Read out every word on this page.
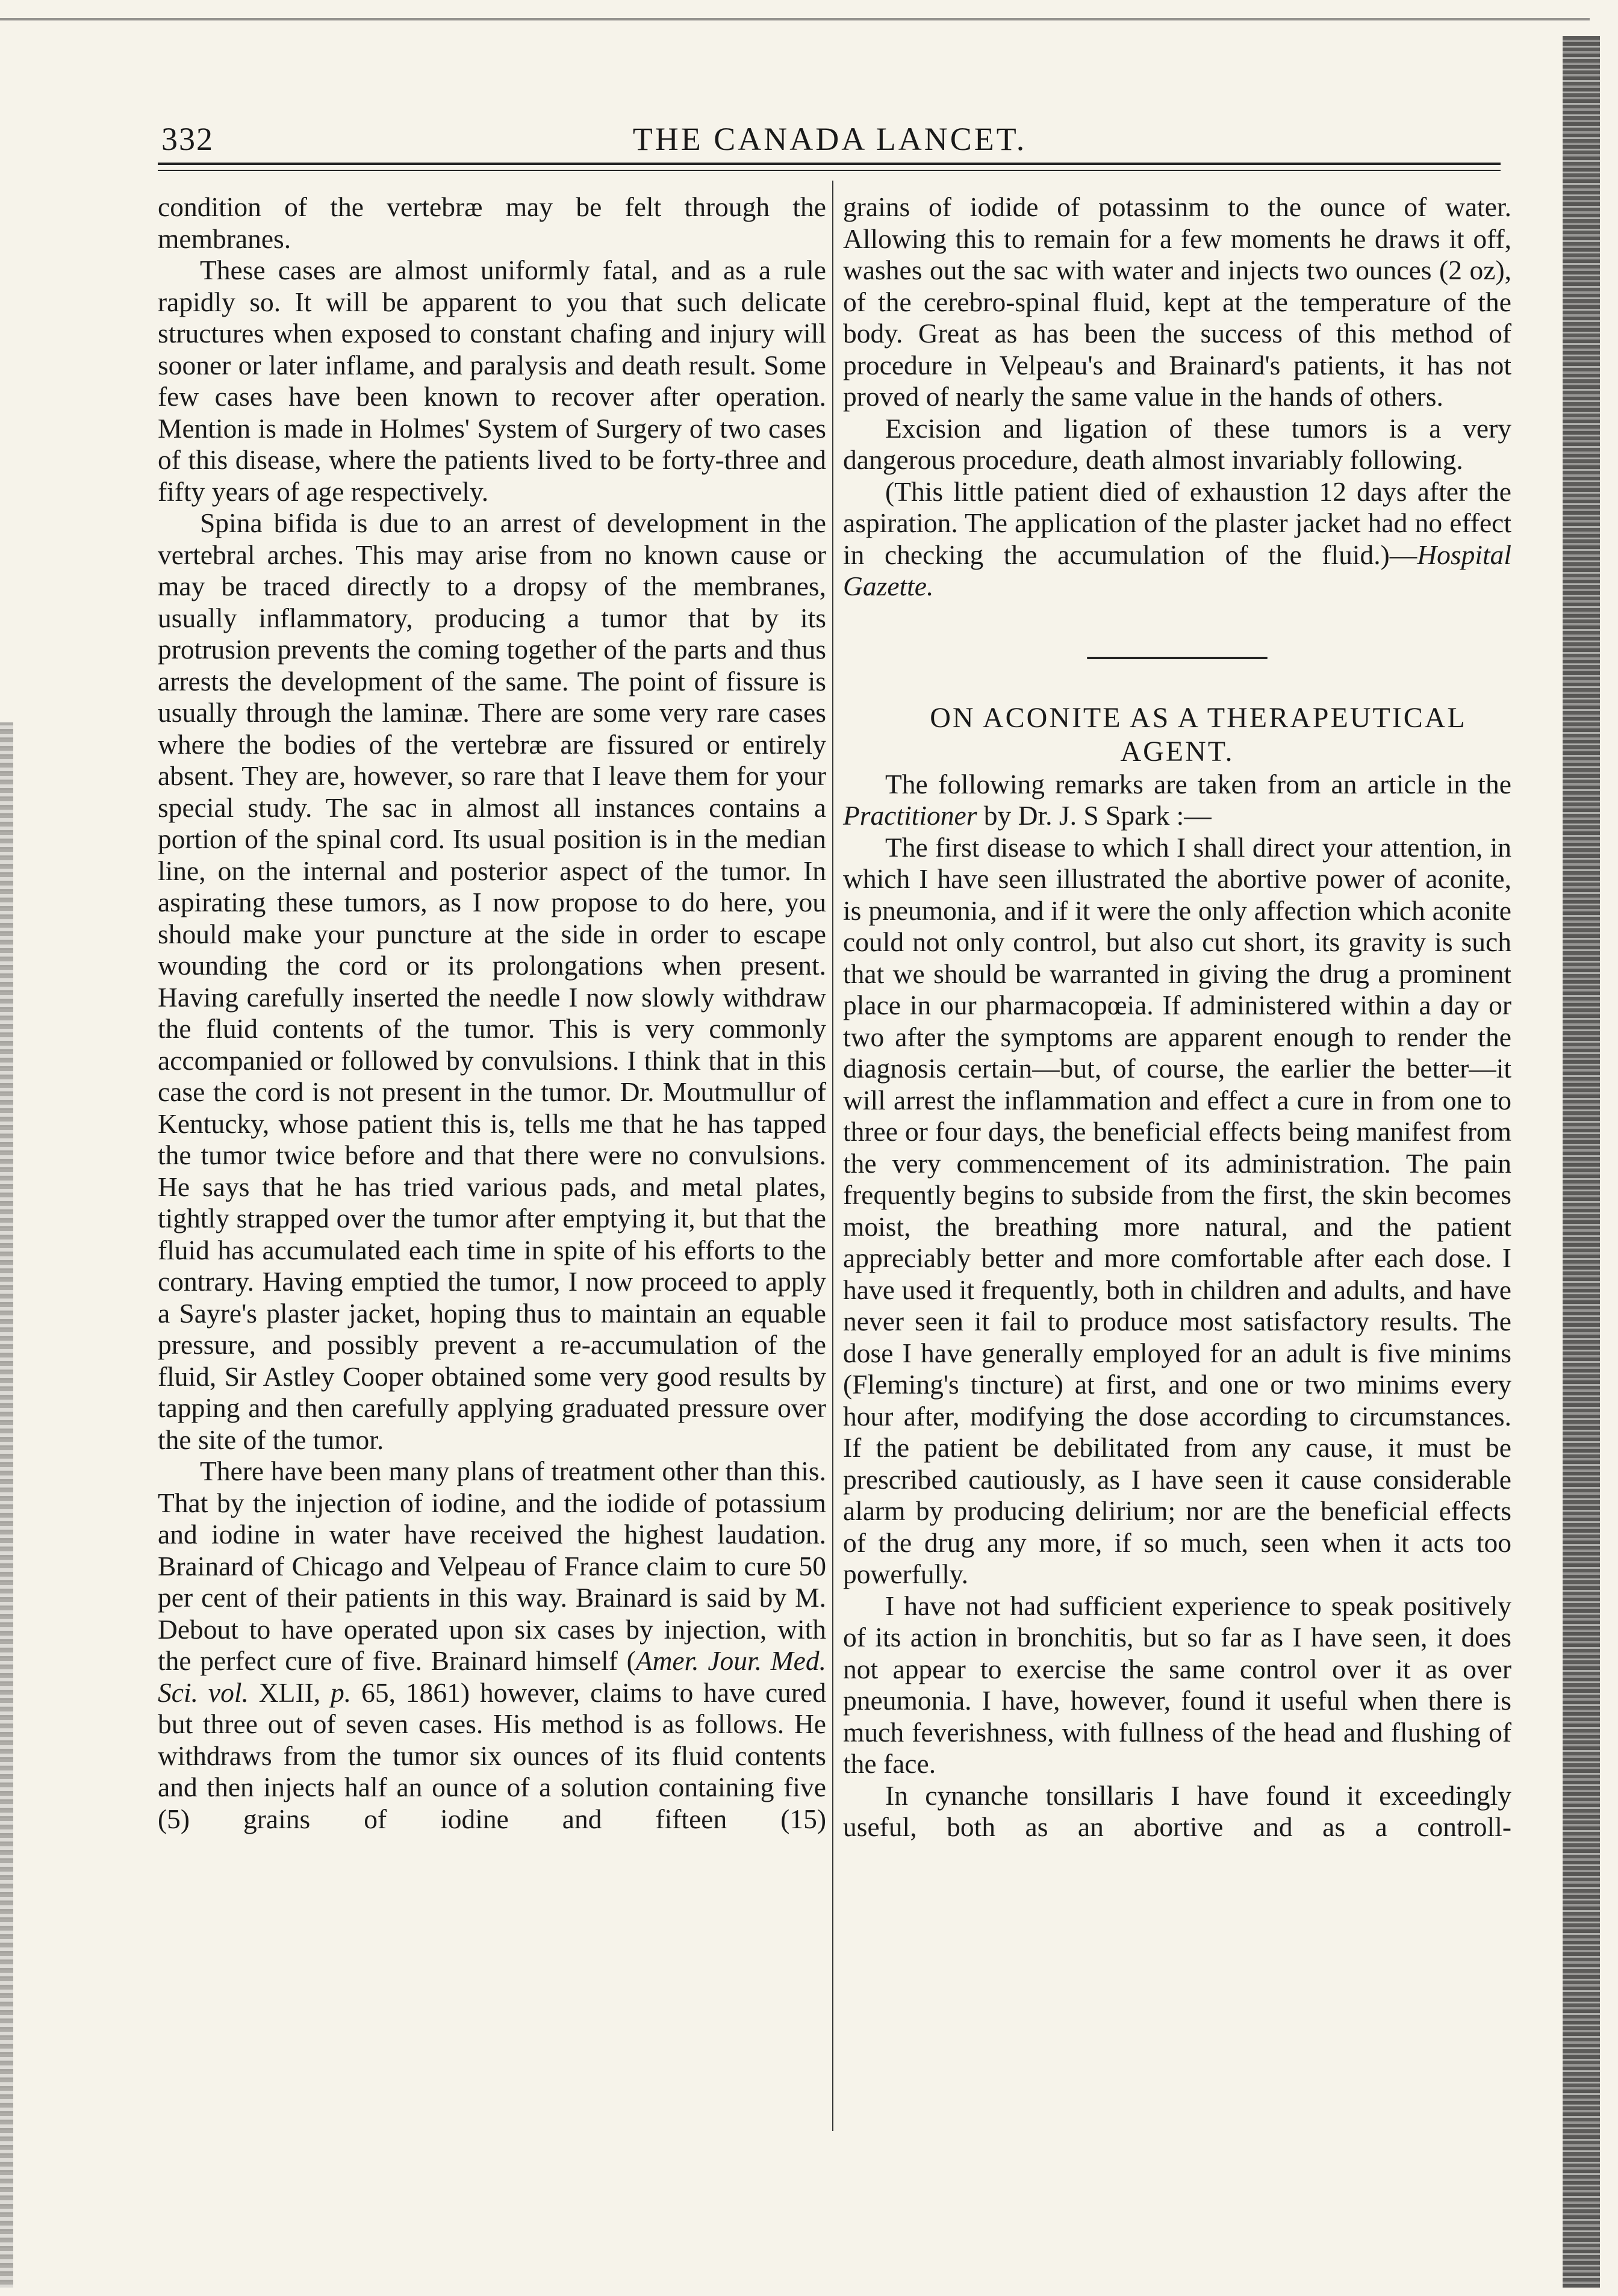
332	THE CANADA LANCET.

condition of the vertebræ may be felt through the membranes.

These cases are almost uniformly fatal, and as a rule rapidly so. It will be apparent to you that such delicate structures when exposed to constant chafing and injury will sooner or later inflame, and paralysis and death result. Some few cases have been known to recover after operation. Mention is made in Holmes' System of Surgery of two cases of this disease, where the patients lived to be forty-three and fifty years of age respectively.

Spina bifida is due to an arrest of development in the vertebral arches. This may arise from no known cause or may be traced directly to a dropsy of the membranes, usually inflammatory, producing a tumor that by its protrusion prevents the coming together of the parts and thus arrests the development of the same. The point of fissure is usually through the laminæ. There are some very rare cases where the bodies of the vertebræ are fissured or entirely absent. They are, however, so rare that I leave them for your special study. The sac in almost all instances contains a portion of the spinal cord. Its usual position is in the median line, on the internal and posterior aspect of the tumor. In aspirating these tumors, as I now propose to do here, you should make your puncture at the side in order to escape wounding the cord or its prolongations when present. Having carefully inserted the needle I now slowly withdraw the fluid contents of the tumor. This is very commonly accompanied or followed by convulsions. I think that in this case the cord is not present in the tumor. Dr. Moutmullur of Kentucky, whose patient this is, tells me that he has tapped the tumor twice before and that there were no convulsions. He says that he has tried various pads, and metal plates, tightly strapped over the tumor after emptying it, but that the fluid has accumulated each time in spite of his efforts to the contrary. Having emptied the tumor, I now proceed to apply a Sayre's plaster jacket, hoping thus to maintain an equable pressure, and possibly prevent a re-accumulation of the fluid, Sir Astley Cooper obtained some very good results by tapping and then carefully applying graduated pressure over the site of the tumor.

There have been many plans of treatment other than this. That by the injection of iodine, and the iodide of potassium and iodine in water have received the highest laudation. Brainard of Chicago and Velpeau of France claim to cure 50 per cent of their patients in this way. Brainard is said by M. Debout to have operated upon six cases by injection, with the perfect cure of five. Brainard himself (Amer. Jour. Med. Sci. vol. XLII, p. 65, 1861) however, claims to have cured but three out of seven cases. His method is as follows. He withdraws from the tumor six ounces of its fluid contents and then injects half an ounce of a solution containing five (5) grains of iodine and fifteen (15)

grains of iodide of potassinm to the ounce of water. Allowing this to remain for a few moments he draws it off, washes out the sac with water and injects two ounces (2 oz), of the cerebro-spinal fluid, kept at the temperature of the body. Great as has been the success of this method of procedure in Velpeau's and Brainard's patients, it has not proved of nearly the same value in the hands of others.

Excision and ligation of these tumors is a very dangerous procedure, death almost invariably following.

(This little patient died of exhaustion 12 days after the aspiration. The application of the plaster jacket had no effect in checking the accumulation of the fluid.)—Hospital Gazette.

ON ACONITE AS A THERAPEUTICAL AGENT.

The following remarks are taken from an article in the Practitioner by Dr. J. S Spark :—

The first disease to which I shall direct your attention, in which I have seen illustrated the abortive power of aconite, is pneumonia, and if it were the only affection which aconite could not only control, but also cut short, its gravity is such that we should be warranted in giving the drug a prominent place in our pharmacopœia. If administered within a day or two after the symptoms are apparent enough to render the diagnosis certain—but, of course, the earlier the better—it will arrest the inflammation and effect a cure in from one to three or four days, the beneficial effects being manifest from the very commencement of its administration. The pain frequently begins to subside from the first, the skin becomes moist, the breathing more natural, and the patient appreciably better and more comfortable after each dose. I have used it frequently, both in children and adults, and have never seen it fail to produce most satisfactory results. The dose I have generally employed for an adult is five minims (Fleming's tincture) at first, and one or two minims every hour after, modifying the dose according to circumstances. If the patient be debilitated from any cause, it must be prescribed cautiously, as I have seen it cause considerable alarm by producing delirium; nor are the beneficial effects of the drug any more, if so much, seen when it acts too powerfully.

I have not had sufficient experience to speak positively of its action in bronchitis, but so far as I have seen, it does not appear to exercise the same control over it as over pneumonia. I have, however, found it useful when there is much feverishness, with fullness of the head and flushing of the face.

In cynanche tonsillaris I have found it exceedingly useful, both as an abortive and as a controll-
